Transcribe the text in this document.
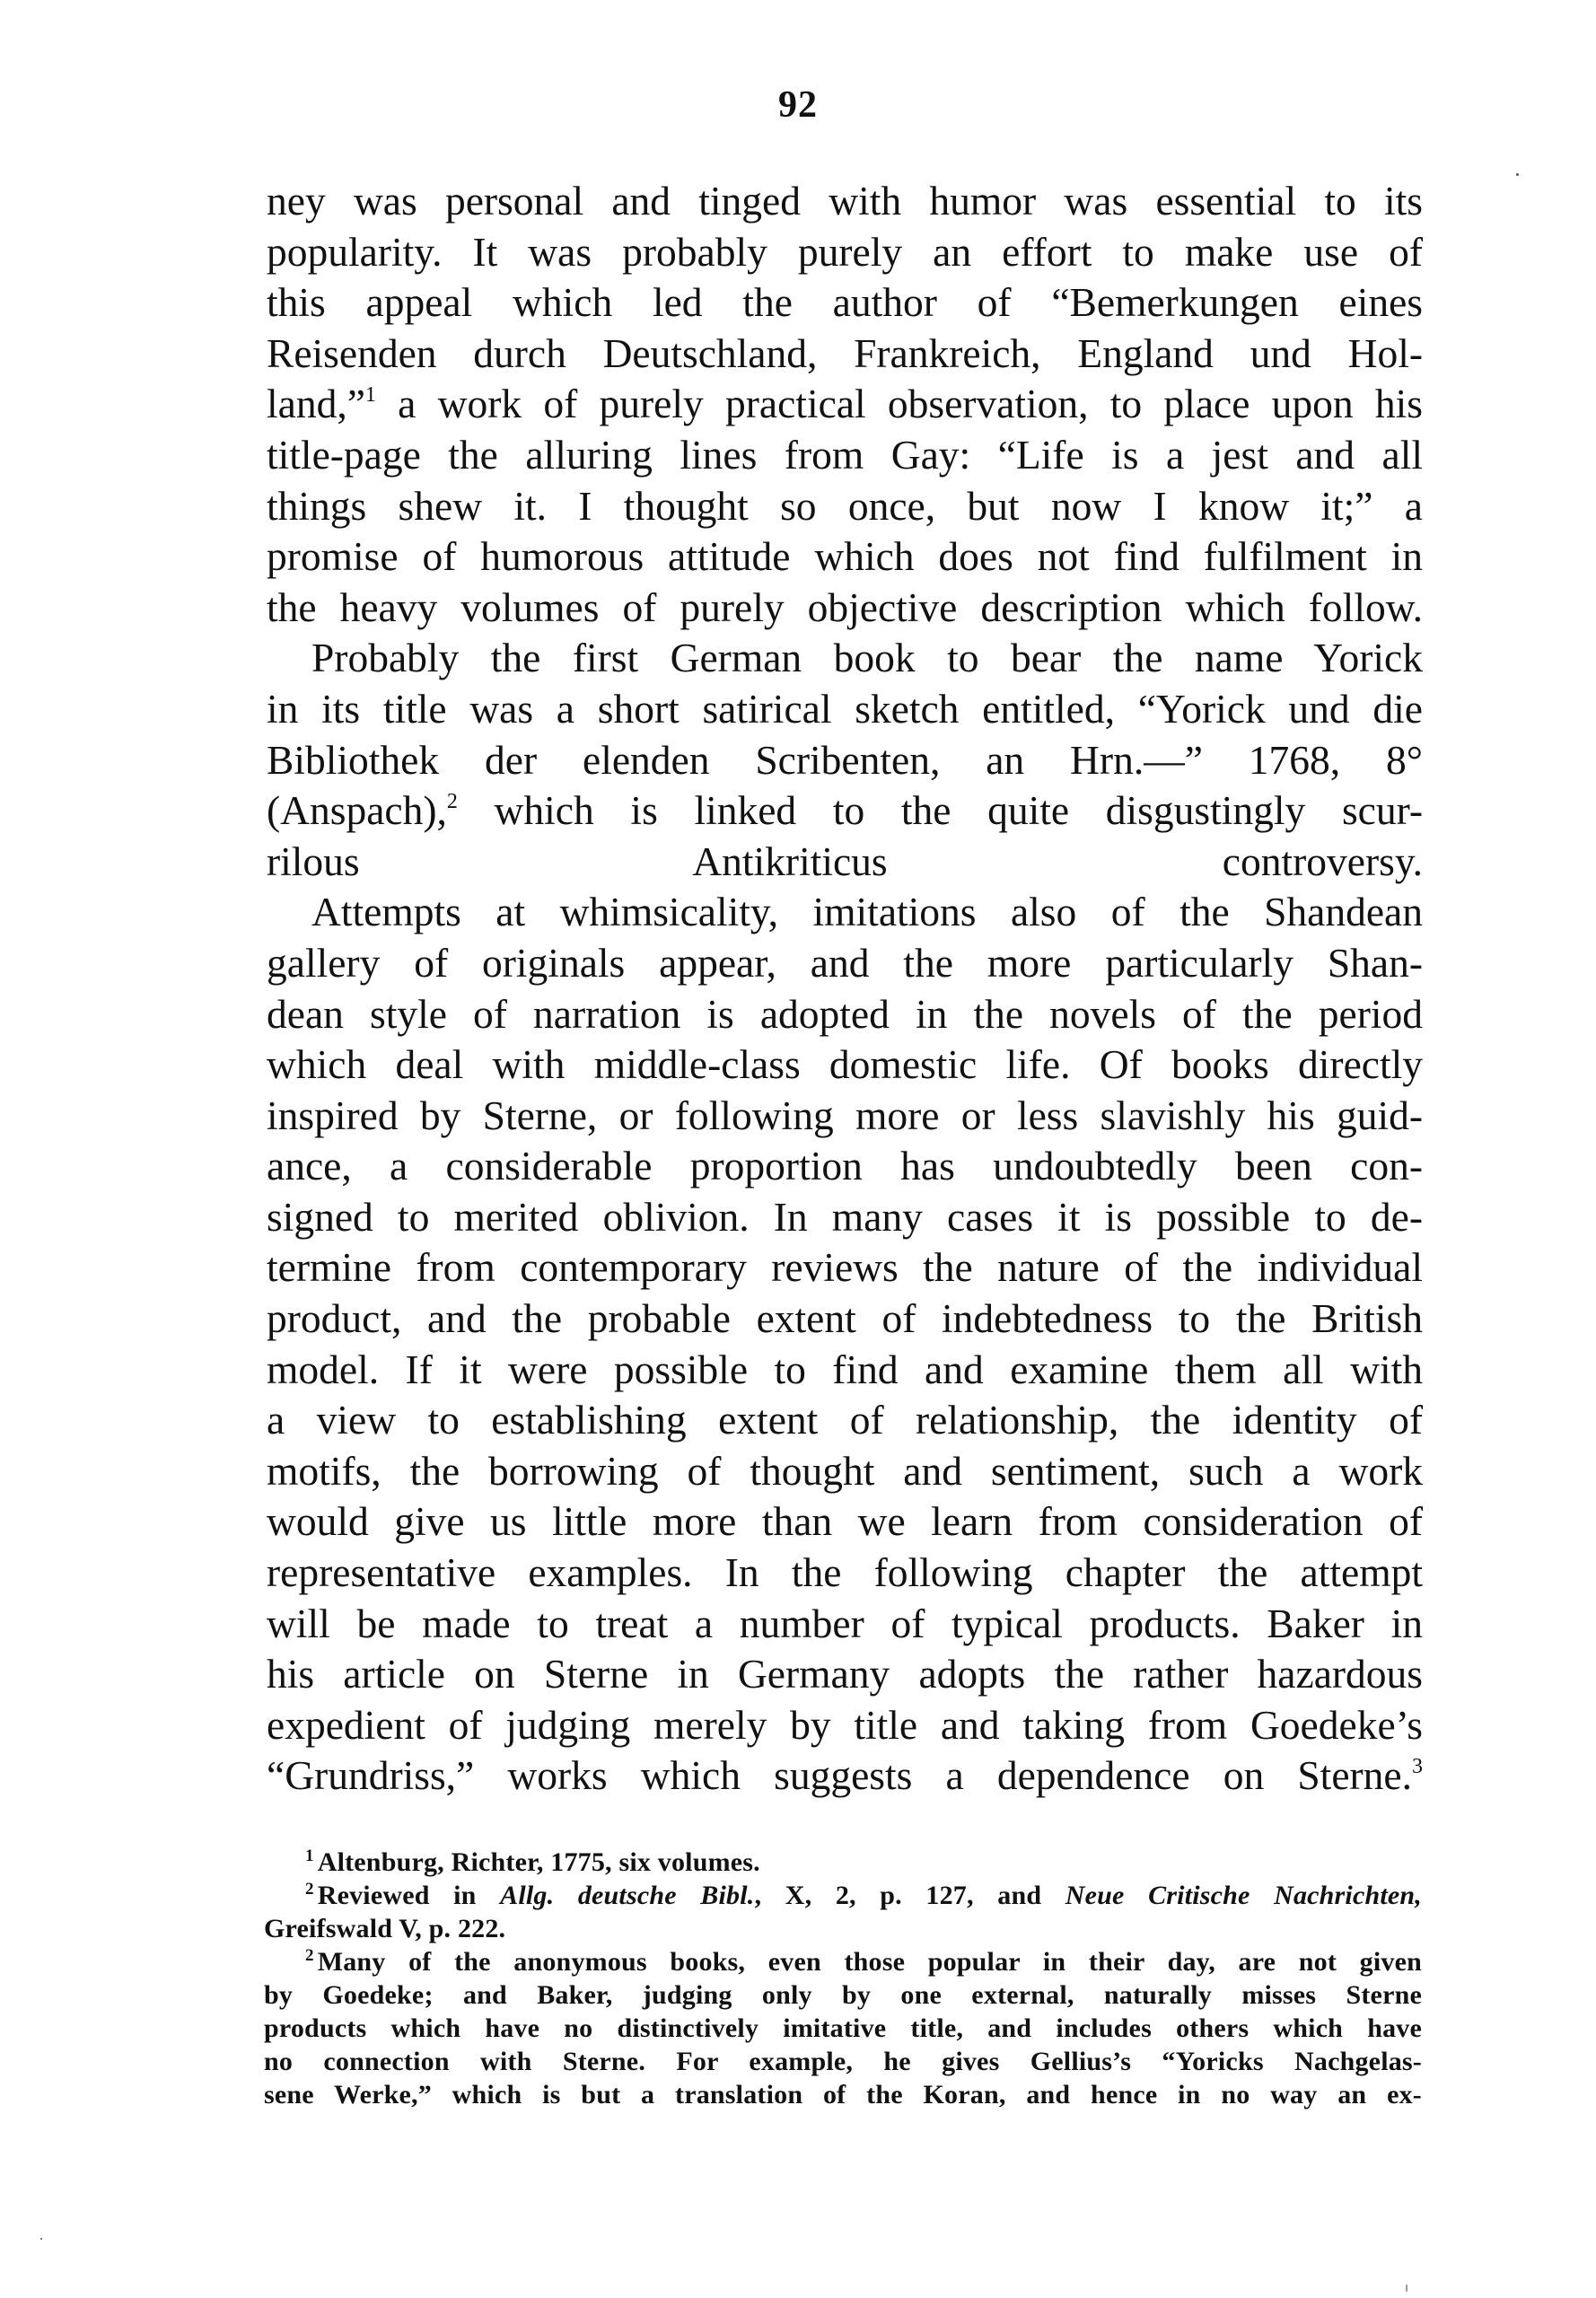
92
ney was personal and tinged with humor was essential to its
popularity. It was probably purely an effort to make use of
this appeal which led the author of “Bemerkungen eines
Reisenden durch Deutschland, Frankreich, England und Hol-
land,”$^1$ a work of purely practical observation, to place upon his
title-page the alluring lines from Gay: “Life is a jest and all
things shew it. I thought so once, but now I know it;” a
promise of humorous attitude which does not find fulfilment in
the heavy volumes of purely objective description which follow.
Probably the first German book to bear the name Yorick
in its title was a short satirical sketch entitled, “Yorick und die
Bibliothek der elenden Scribenten, an Hrn.—” 1768, 8°
(Anspach),$^2$ which is linked to the quite disgustingly scur-
rilous Antikriticus controversy.
Attempts at whimsicality, imitations also of the Shandean
gallery of originals appear, and the more particularly Shan-
dean style of narration is adopted in the novels of the period
which deal with middle-class domestic life. Of books directly
inspired by Sterne, or following more or less slavishly his guid-
ance, a considerable proportion has undoubtedly been con-
signed to merited oblivion. In many cases it is possible to de-
termine from contemporary reviews the nature of the individual
product, and the probable extent of indebtedness to the British
model. If it were possible to find and examine them all with
a view to establishing extent of relationship, the identity of
motifs, the borrowing of thought and sentiment, such a work
would give us little more than we learn from consideration of
representative examples. In the following chapter the attempt
will be made to treat a number of typical products. Baker in
his article on Sterne in Germany adopts the rather hazardous
expedient of judging merely by title and taking from Goedeke’s
“Grundriss,” works which suggests a dependence on Sterne.$^3$
$^1$ Altenburg, Richter, 1775, six volumes.
$^2$ Reviewed in Allg. deutsche Bibl., X, 2, p. 127, and Neue Critische Nachrichten,
Greifswald V, p. 222.
$^2$ Many of the anonymous books, even those popular in their day, are not given
by Goedeke; and Baker, judging only by one external, naturally misses Sterne
products which have no distinctively imitative title, and includes others which have
no connection with Sterne. For example, he gives Gellius’s “Yoricks Nachgelas-
sene Werke,” which is but a translation of the Koran, and hence in no way an ex-
